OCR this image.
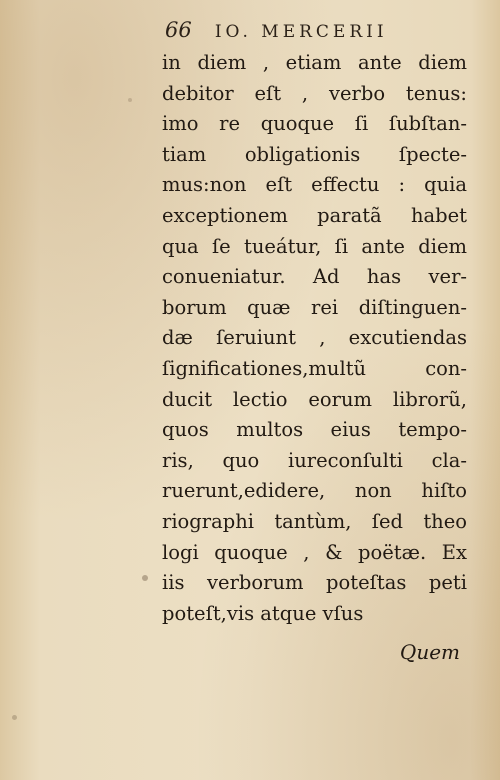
66 IO. MERCERII
in diem , etiam ante diem
debitor eſt , verbo tenus:
imo re quoque ſi ſubſtan-
tiam obligationis ſpecte-
mus:non eſt effectu : quia
exceptionem paratã habet
qua ſe tueátur, ſi ante diem
conueniatur. Ad has ver-
borum quæ rei diſtinguen-
dæ ſeruiunt , excutiendas
ſignificationes,multũ con-
ducit lectio eorum librorũ,
quos multos eius tempo-
ris, quo iureconſulti cla-
ruerunt,edidere, non hiſto
riographi tantùm, ſed theo
logi quoque , & poëtæ. Ex
iis verborum poteſtas peti
poteſt,vis atque vſus
Quem
